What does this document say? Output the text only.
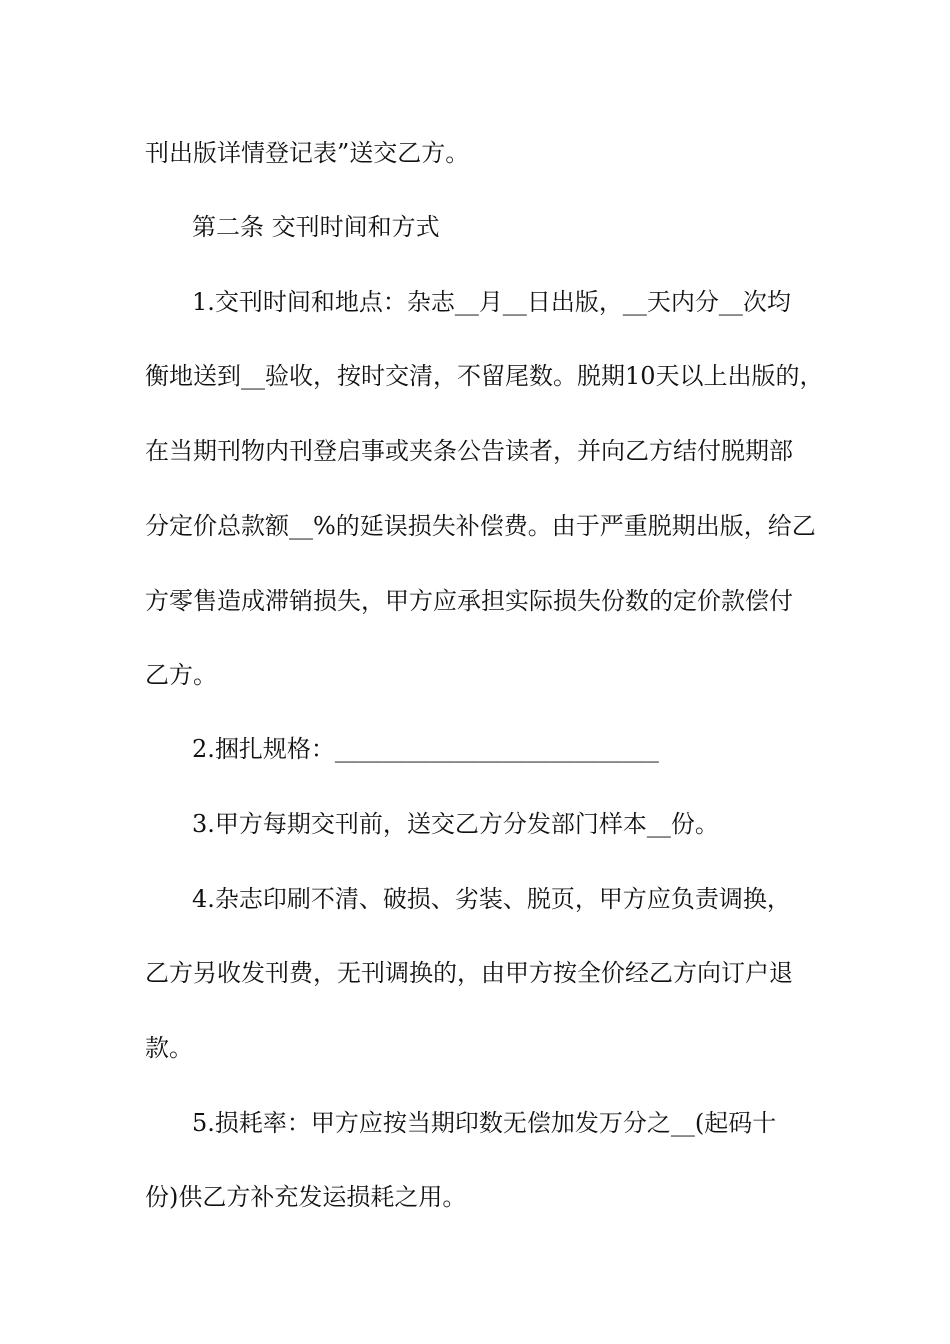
刊出版详情登记表”送交乙方。
第二条 交刊时间和方式
1.交刊时间和地点：杂志__月__日出版，__天内分__次均
衡地送到__验收，按时交清，不留尾数。脱期10天以上出版的，
在当期刊物内刊登启事或夹条公告读者，并向乙方结付脱期部
分定价总款额__%的延误损失补偿费。由于严重脱期出版，给乙
方零售造成滞销损失，甲方应承担实际损失份数的定价款偿付
乙方。
2.捆扎规格：___________________________
3.甲方每期交刊前，送交乙方分发部门样本__份。
4.杂志印刷不清、破损、劣装、脱页，甲方应负责调换，
乙方另收发刊费，无刊调换的，由甲方按全价经乙方向订户退
款。
5.损耗率：甲方应按当期印数无偿加发万分之__(起码十
份)供乙方补充发运损耗之用。
